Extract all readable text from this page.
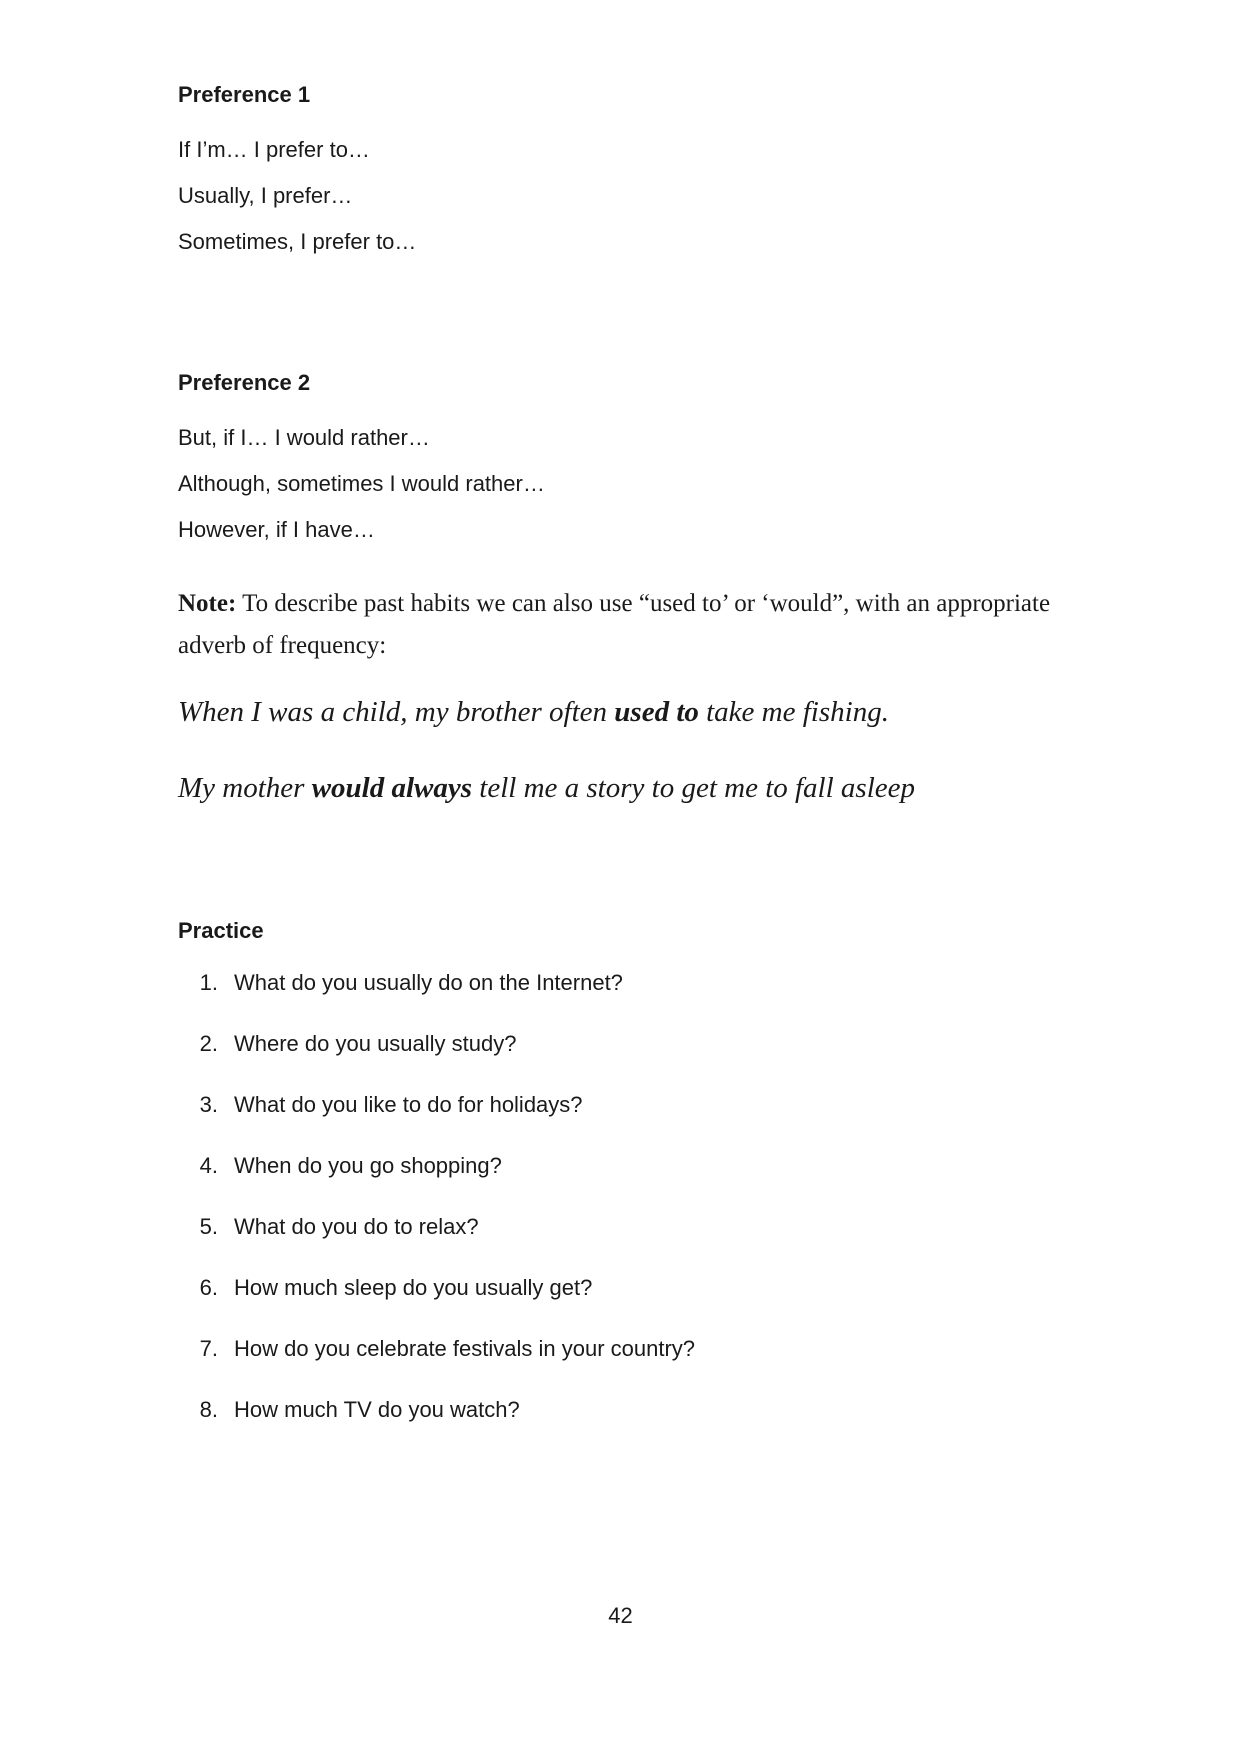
Preference 1

If I’m… I prefer to…

Usually, I prefer…

Sometimes, I prefer to…

Preference 2

But, if I… I would rather…

Although, sometimes I would rather…

However, if I have…

Note: To describe past habits we can also use “used to’ or ‘would”, with an appropriate adverb of frequency:

When I was a child, my brother often used to take me fishing.

My mother would always tell me a story to get me to fall asleep

Practice
1. What do you usually do on the Internet?
2. Where do you usually study?
3. What do you like to do for holidays?
4. When do you go shopping?
5. What do you do to relax?
6. How much sleep do you usually get?
7. How do you celebrate festivals in your country?
8. How much TV do you watch?

42
